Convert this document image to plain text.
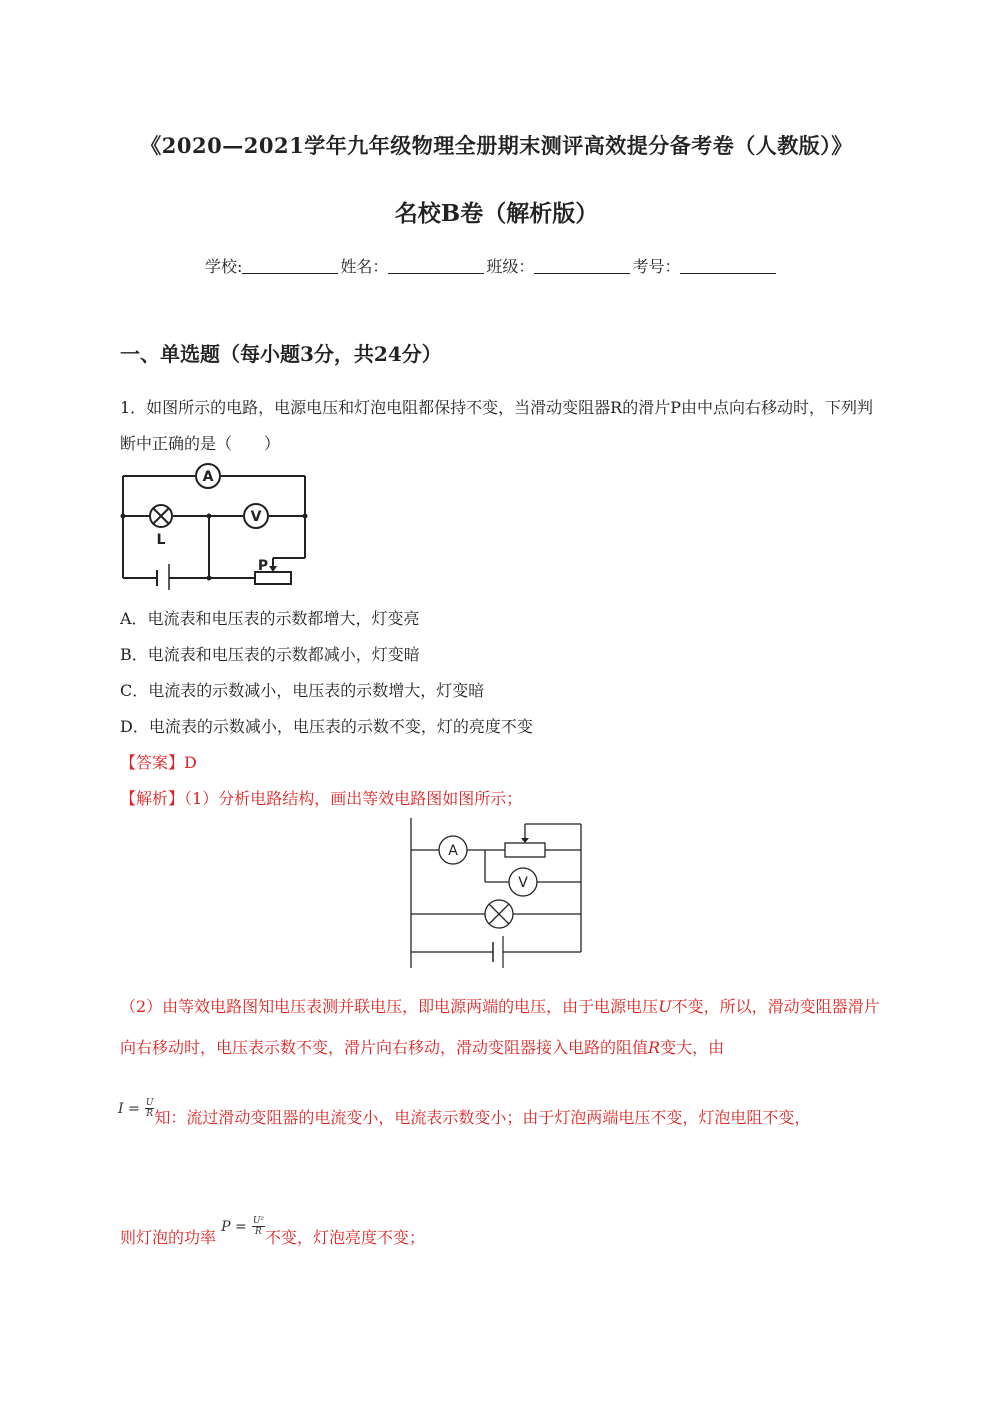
《2020—2021学年九年级物理全册期末测评高效提分备考卷（人教版）》
名校B卷（解析版）
学校:	姓名：	班级：	考号：
一、单选题（每小题3分，共24分）
1．如图所示的电路，电源电压和灯泡电阻都保持不变，当滑动变阻器R的滑片P由中点向右移动时，下列判断中正确的是（　　）
A
L
V
P
A．电流表和电压表的示数都增大，灯变亮
B．电流表和电压表的示数都减小，灯变暗
C．电流表的示数减小，电压表的示数增大，灯变暗
D．电流表的示数减小，电压表的示数不变，灯的亮度不变
【答案】D
【解析】（1）分析电路结构，画出等效电路图如图所示；
A
V
（2）由等效电路图知电压表测并联电压，即电源两端的电压，由于电源电压U不变，所以，滑动变阻器滑片向右移动时，电压表示数不变，滑片向右移动，滑动变阻器接入电路的阻值R变大，由
$I = \frac{U}{R}$ 知：流过滑动变阻器的电流变小，电流表示数变小；由于灯泡两端电压不变，灯泡电阻不变，
则灯泡的功率 $P = \frac{\text{U²}}{R}$
不变，灯泡亮度不变；
